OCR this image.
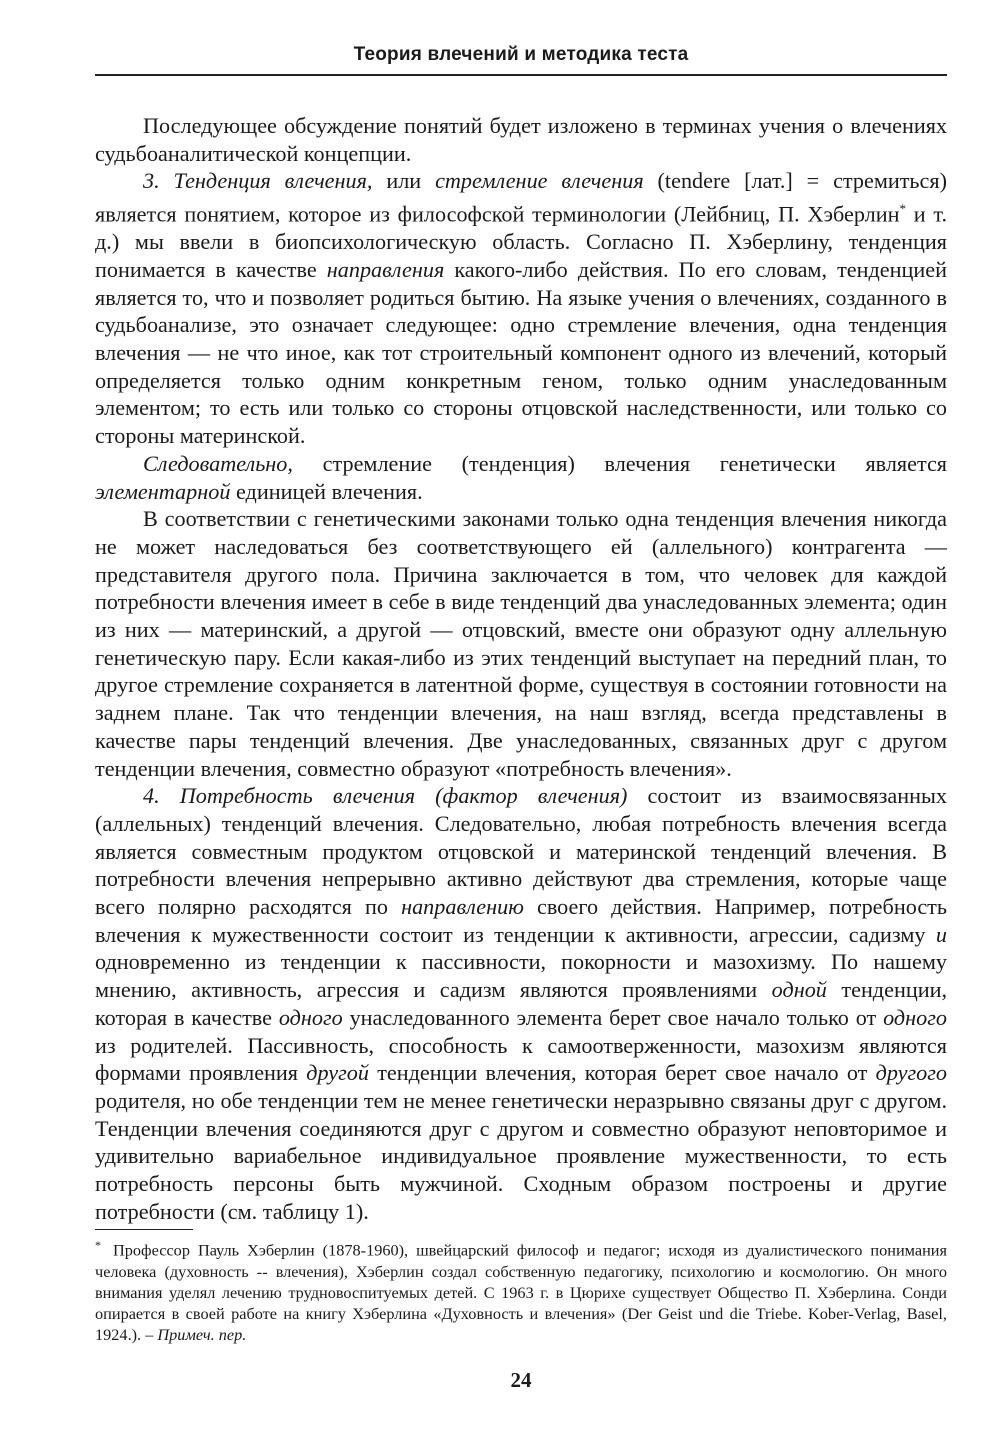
Теория влечений и методика теста

Последующее обсуждение понятий будет изложено в терминах учения о влечениях судьбоаналитической концепции.

3. Тенденция влечения, или стремление влечения (tendere [лат.] = стремиться) является понятием, которое из философской терминологии (Лейбниц, П. Хэберлин* и т. д.) мы ввели в биопсихологическую область. Согласно П. Хэберлину, тенденция понимается в качестве направления какого-либо действия. По его словам, тенденцией является то, что и позволяет родиться бытию. На языке учения о влечениях, созданного в судьбоанализе, это означает следующее: одно стремление влечения, одна тенденция влечения — не что иное, как тот строительный компонент одного из влечений, который определяется только одним конкретным геном, только одним унаследованным элементом; то есть или только со стороны отцовской наследственности, или только со стороны материнской.

Следовательно, стремление (тенденция) влечения генетически является элементарной единицей влечения.

В соответствии с генетическими законами только одна тенденция влечения никогда не может наследоваться без соответствующего ей (аллельного) контрагента — представителя другого пола. Причина заключается в том, что человек для каждой потребности влечения имеет в себе в виде тенденций два унаследованных элемента; один из них — материнский, а другой — отцовский, вместе они образуют одну аллельную генетическую пару. Если какая-либо из этих тенденций выступает на передний план, то другое стремление сохраняется в латентной форме, существуя в состоянии готовности на заднем плане. Так что тенденции влечения, на наш взгляд, всегда представлены в качестве пары тенденций влечения. Две унаследованных, связанных друг с другом тенденции влечения, совместно образуют «потребность влечения».

4. Потребность влечения (фактор влечения) состоит из взаимосвязанных (аллельных) тенденций влечения. Следовательно, любая потребность влечения всегда является совместным продуктом отцовской и материнской тенденций влечения. В потребности влечения непрерывно активно действуют два стремления, которые чаще всего полярно расходятся по направлению своего действия. Например, потребность влечения к мужественности состоит из тенденции к активности, агрессии, садизму и одновременно из тенденции к пассивности, покорности и мазохизму. По нашему мнению, активность, агрессия и садизм являются проявлениями одной тенденции, которая в качестве одного унаследованного элемента берет свое начало только от одного из родителей. Пассивность, способность к самоотверженности, мазохизм являются формами проявления другой тенденции влечения, которая берет свое начало от другого родителя, но обе тенденции тем не менее генетически неразрывно связаны друг с другом. Тенденции влечения соединяются друг с другом и совместно образуют неповторимое и удивительно вариабельное индивидуальное проявление мужественности, то есть потребность персоны быть мужчиной. Сходным образом построены и другие потребности (см. таблицу 1).

* Профессор Пауль Хэберлин (1878-1960), швейцарский философ и педагог; исходя из дуалистического понимания человека (духовность -- влечения), Хэберлин создал собственную педагогику, психологию и космологию. Он много внимания уделял лечению трудновоспитуемых детей. С 1963 г. в Цюрихе существует Общество П. Хэберлина. Сонди опирается в своей работе на книгу Хэберлина «Духовность и влечения» (Der Geist und die Triebe. Kober-Verlag, Basel, 1924.). – Примеч. пер.
24
